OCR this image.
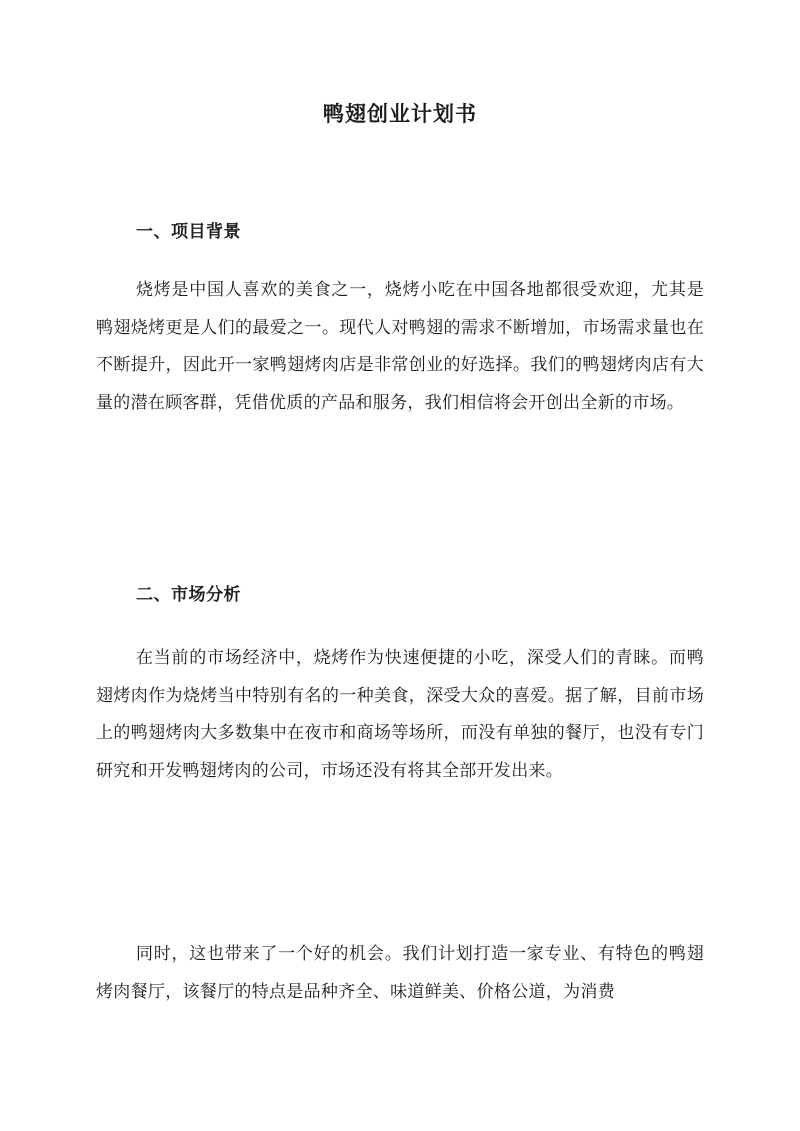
鸭翅创业计划书
一、项目背景

烧烤是中国人喜欢的美食之一，烧烤小吃在中国各地都很受欢迎，尤其是鸭翅烧烤更是人们的最爱之一。现代人对鸭翅的需求不断增加，市场需求量也在不断提升，因此开一家鸭翅烤肉店是非常创业的好选择。我们的鸭翅烤肉店有大量的潜在顾客群，凭借优质的产品和服务，我们相信将会开创出全新的市场。

二、市场分析

在当前的市场经济中，烧烤作为快速便捷的小吃，深受人们的青睐。而鸭翅烤肉作为烧烤当中特别有名的一种美食，深受大众的喜爱。据了解，目前市场上的鸭翅烤肉大多数集中在夜市和商场等场所，而没有单独的餐厅，也没有专门研究和开发鸭翅烤肉的公司，市场还没有将其全部开发出来。

同时，这也带来了一个好的机会。我们计划打造一家专业、有特色的鸭翅烤肉餐厅，该餐厅的特点是品种齐全、味道鲜美、价格公道，为消费
